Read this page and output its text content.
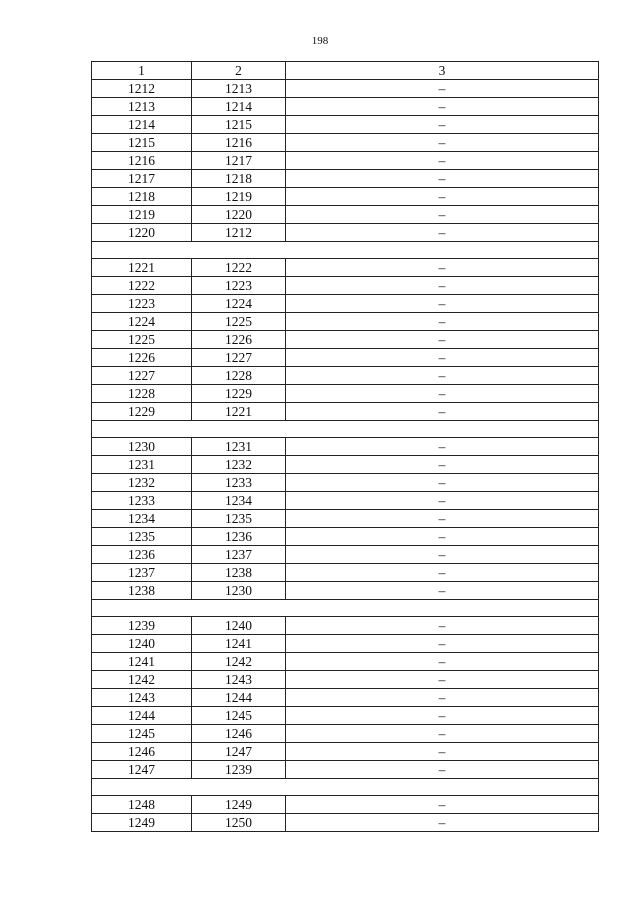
198
1	2	3
1212	1213	–
1213	1214	–
1214	1215	–
1215	1216	–
1216	1217	–
1217	1218	–
1218	1219	–
1219	1220	–
1220	1212	–

1221	1222	–
1222	1223	–
1223	1224	–
1224	1225	–
1225	1226	–
1226	1227	–
1227	1228	–
1228	1229	–
1229	1221	–

1230	1231	–
1231	1232	–
1232	1233	–
1233	1234	–
1234	1235	–
1235	1236	–
1236	1237	–
1237	1238	–
1238	1230	–

1239	1240	–
1240	1241	–
1241	1242	–
1242	1243	–
1243	1244	–
1244	1245	–
1245	1246	–
1246	1247	–
1247	1239	–

1248	1249	–
1249	1250	–
